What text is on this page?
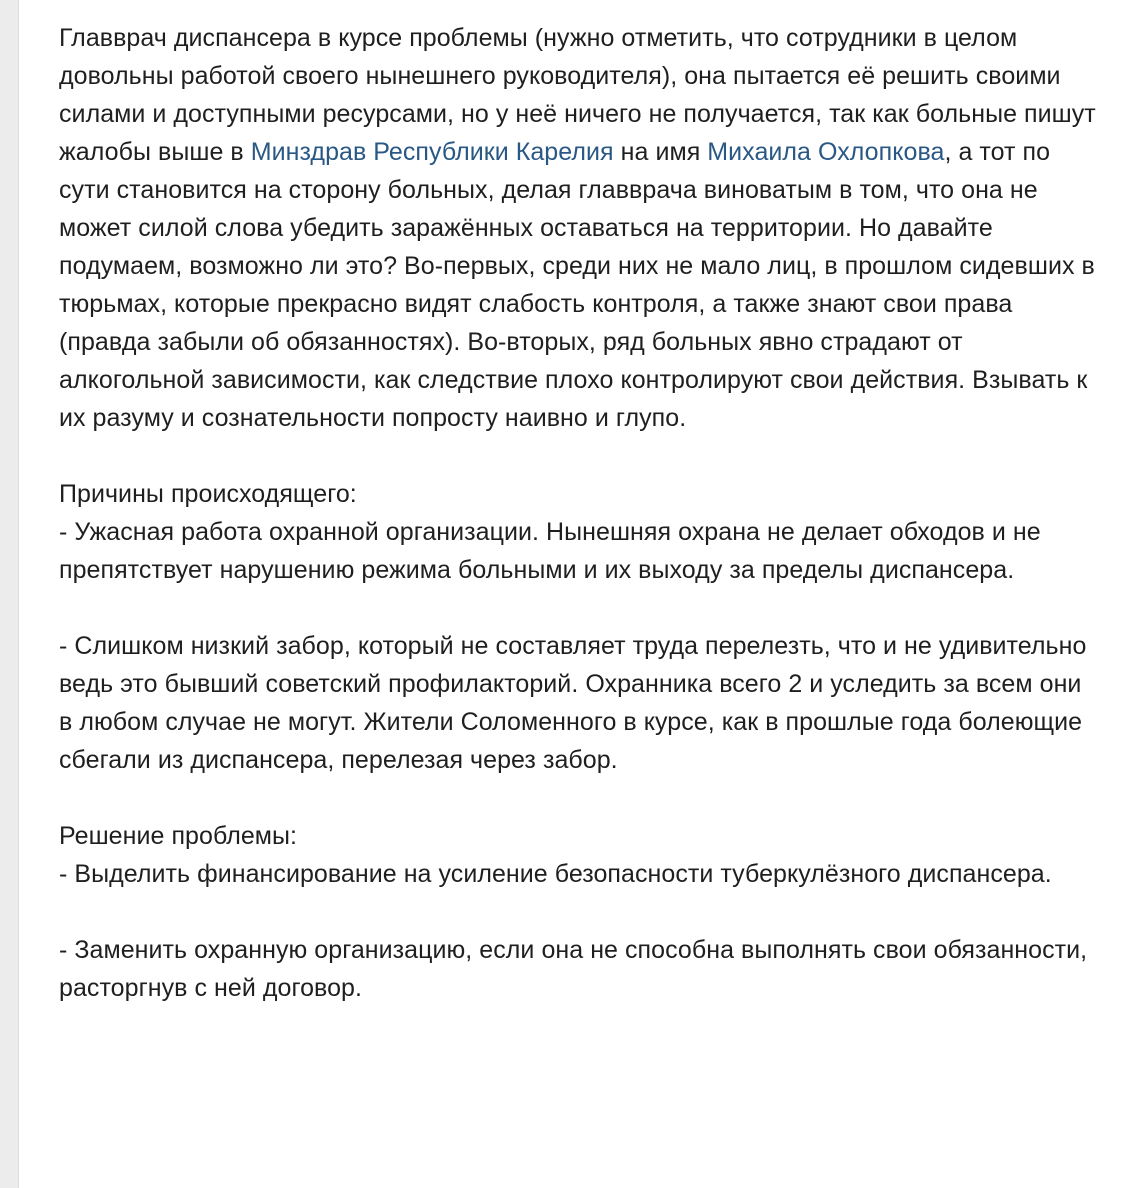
Главврач диспансера в курсе проблемы (нужно отметить, что сотрудники в целом довольны работой своего нынешнего руководителя), она пытается её решить своими силами и доступными ресурсами, но у неё ничего не получается, так как больные пишут жалобы выше в Минздрав Республики Карелия на имя Михаила Охлопкова, а тот по сути становится на сторону больных, делая главврача виноватым в том, что она не может силой слова убедить заражённых оставаться на территории. Но давайте подумаем, возможно ли это? Во-первых, среди них не мало лиц, в прошлом сидевших в тюрьмах, которые прекрасно видят слабость контроля, а также знают свои права (правда забыли об обязанностях). Во-вторых, ряд больных явно страдают от алкогольной зависимости, как следствие плохо контролируют свои действия. Взывать к их разуму и сознательности попросту наивно и глупо.

Причины происходящего:

- Ужасная работа охранной организации. Нынешняя охрана не делает обходов и не препятствует нарушению режима больными и их выходу за пределы диспансера.

- Слишком низкий забор, который не составляет труда перелезть, что и не удивительно ведь это бывший советский профилакторий. Охранника всего 2 и уследить за всем они в любом случае не могут. Жители Соломенного в курсе, как в прошлые года болеющие сбегали из диспансера, перелезая через забор.

Решение проблемы:

- Выделить финансирование на усиление безопасности туберкулёзного диспансера.

- Заменить охранную организацию, если она не способна выполнять свои обязанности, расторгнув с ней договор.
